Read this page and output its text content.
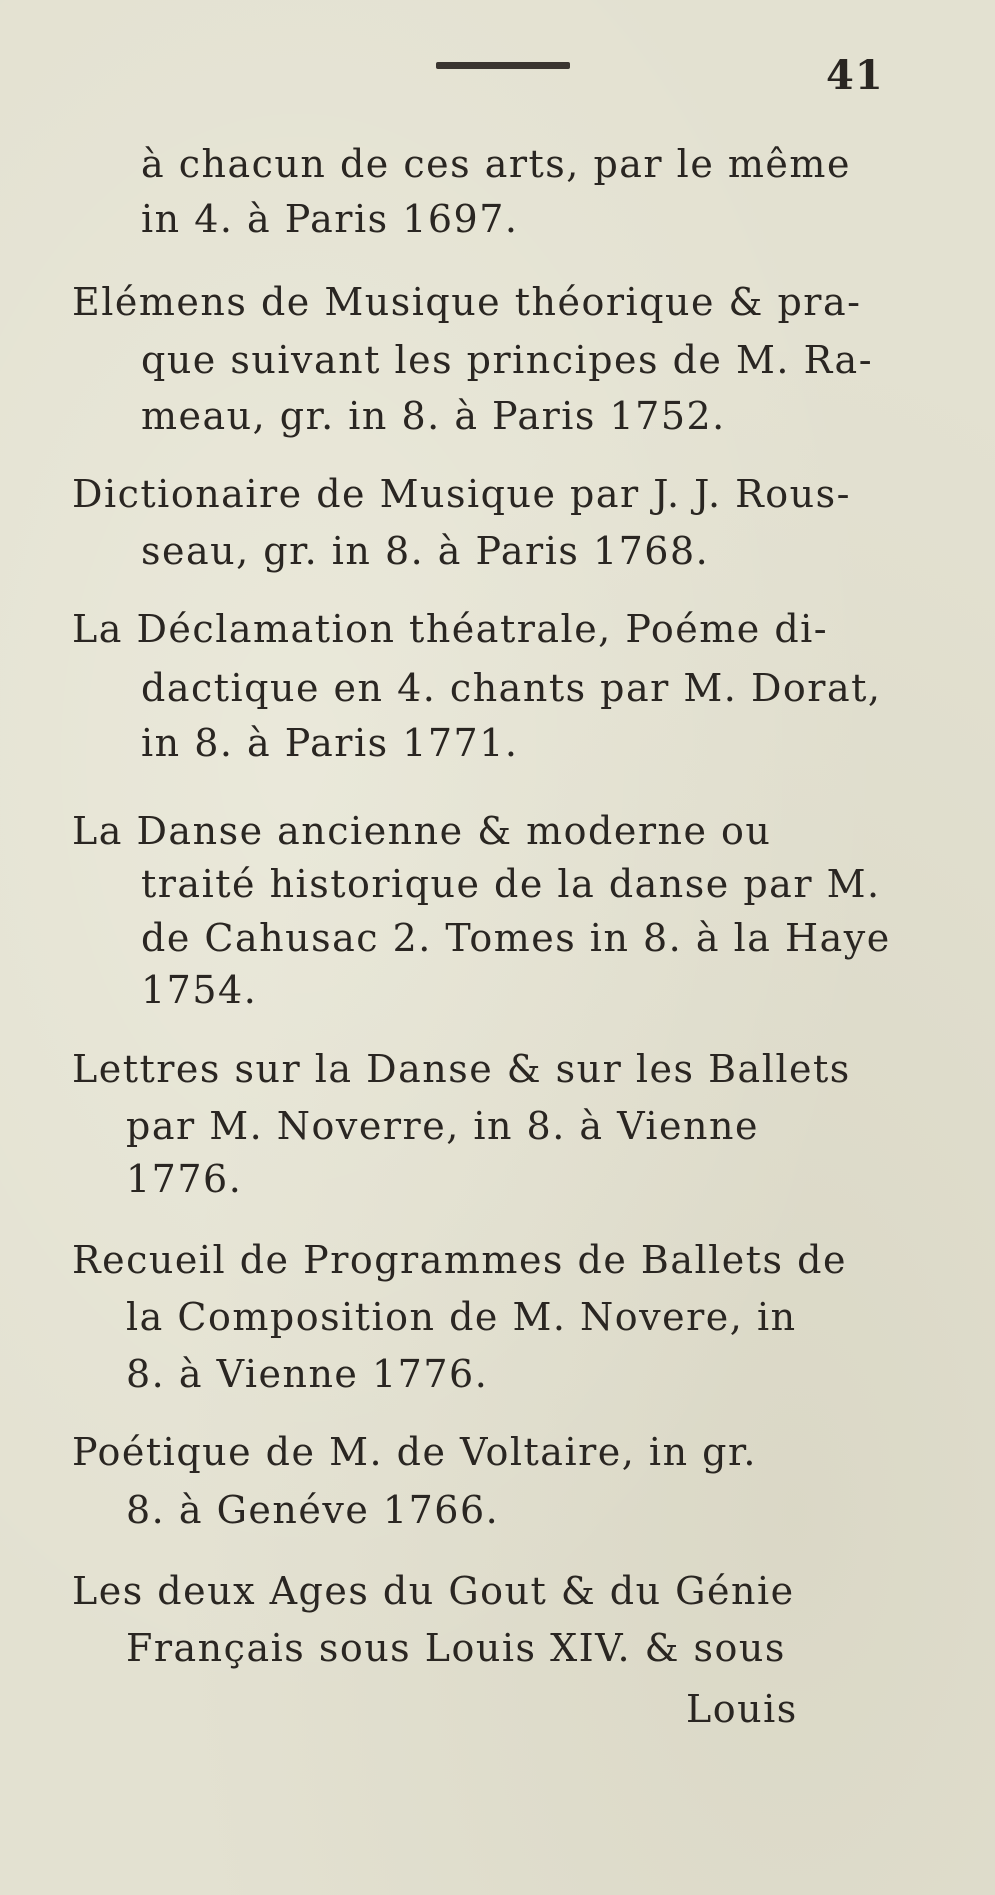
41
à chacun de ces arts, par le même
in 4. à Paris 1697.
Elémens de Musique théorique & pra-
que suivant les principes de M. Ra-
meau, gr. in 8. à Paris 1752.
Dictionaire de Musique par J. J. Rous-
seau, gr. in 8. à Paris 1768.
La Déclamation théatrale, Poéme di-
dactique en 4. chants par M. Dorat,
in 8. à Paris 1771.
La Danse ancienne & moderne ou
traité historique de la danse par M.
de Cahusac 2. Tomes in 8. à la Haye
1754.
Lettres sur la Danse & sur les Ballets
par M. Noverre, in 8. à Vienne
1776.
Recueil de Programmes de Ballets de
la Composition de M. Novere, in
8. à Vienne 1776.
Poétique de M. de Voltaire, in gr.
8. à Genéve 1766.
Les deux Ages du Gout & du Génie
Français sous Louis XIV. & sous
Louis
